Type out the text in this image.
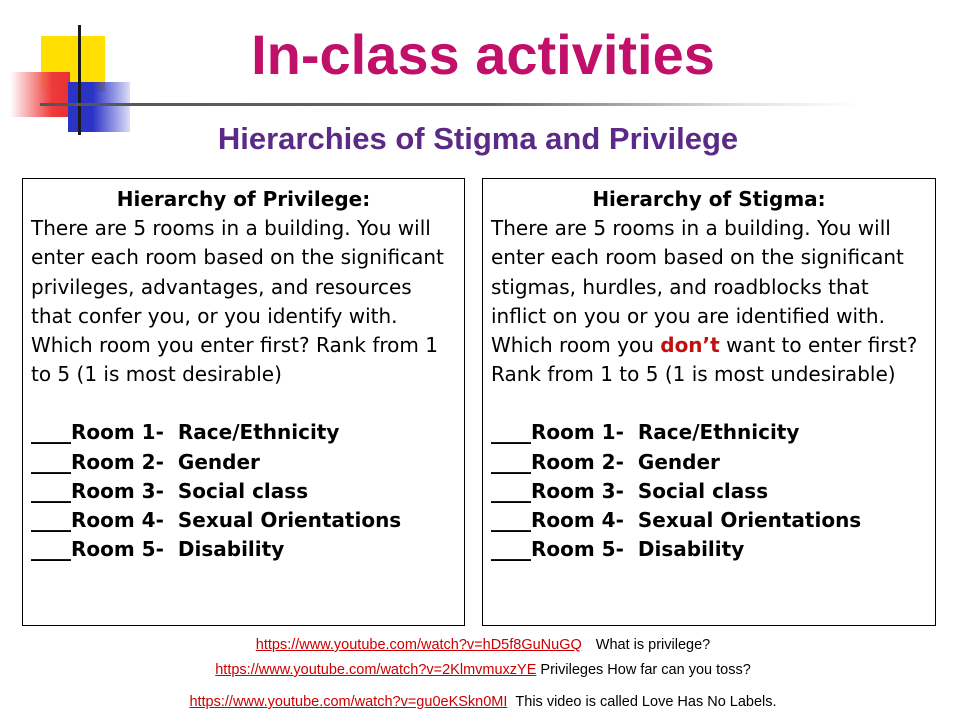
In-class activities
Hierarchies of Stigma and Privilege

Hierarchy of Privilege:

There are 5 rooms in a building. You will enter each room based on the significant privileges, advantages, and resources that confer you, or you identify with. Which room you enter first? Rank from 1 to 5 (1 is most desirable)

____Room 1- Race/Ethnicity

____Room 2- Gender

____Room 3- Social class

____Room 4- Sexual Orientations

____Room 5- Disability

Hierarchy of Stigma:

There are 5 rooms in a building. You will enter each room based on the significant stigmas, hurdles, and roadblocks that inflict on you or you are identified with. Which room you don’t want to enter first? Rank from 1 to 5 (1 is most undesirable)

____Room 1- Race/Ethnicity

____Room 2- Gender

____Room 3- Social class

____Room 4- Sexual Orientations

____Room 5- Disability

https://www.youtube.com/watch?v=hD5f8GuNuGQ What is privilege?
https://www.youtube.com/watch?v=2KlmvmuxzYE Privileges How far can you toss?
https://www.youtube.com/watch?v=gu0eKSkn0MI This video is called Love Has No Labels.
